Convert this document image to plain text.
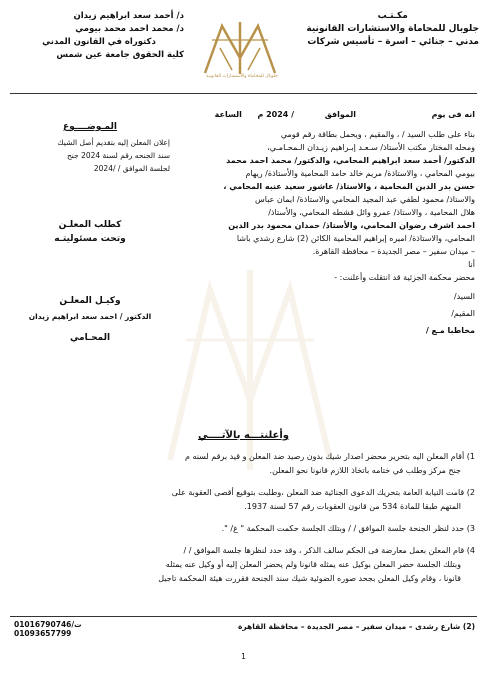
مكـتـب
جلوبال للمحاماة والاستشارات القانونية
مدني – جنائي – اسرة – تأسيس شركات
جلوبال للمحاماة والاستشارات القانونية
د/ أحمد سعد ابراهيم زيدان
د/ محمد احمد محمد بيومي
دكتوراه في القانون المدني
كلية الحقوق جامعة عين شمس
انه فى يوم  الموافق  / 2024 م  الساعة
بناء على طلب السيد / ، والمقيم ، ويحمل بطاقة رقم قومي
ومحله المختار مكتب الأستاذ/ سـعـد إبـراهيم زيـدان الـمحـامـي،
الدكتور/ أحمد سعد ابراهيم المحامي، والدكتور/ محمد احمد محمد
بيومي المحامي ، والاستاذة/ مريم خالد حامد المحامية والأستاذة/ ريهام
حسن بدر الدين المحامية ، والاستاذ/ عاشور سعيد عنبه المحامي ،
والاستاذ/ محمود لطفي عبد المجيد المحامي والاستاذة/ ايمان عباس
هلال المحامية ، والاستاذ/ عمرو وائل قشطه المحامي، والأستاذ/
احمد اشرف رضوان المحامي، والأستاذ/ حمدان محمود بدر الدين
المحامي، والاستاذة/ اميره إبراهيم المحامية الكائن (2) شارع رشدي باشا
– ميدان سفير – مصر الجديدة – محافظة القاهرة.
أنا
محضر محكمة الجزئية قد انتقلت وأعلنت: -
السيد/
المقيم/
مخاطبا مـع /
المـوضــــوع
إعلان المعلن إليه بتقديم أصل الشيك
سند الجنحه رقم لسنة 2024 جنح
لجلسة الموافق / /2024
كطلب المعلـن
وتحت مسئوليتـه
وكيـل المعلـن
الدكتور / احمد سعد ابراهيم زيدان
المحـامي
وأعلنتـــه بالآتــــي
1) أقام المعلن اليه بتحرير محضر اصدار شيك بدون رصيد ضد المعلن و قيد برقم لسنه م
جنح مركز وطلب في ختامه باتخاذ اللازم قانونا نحو المعلن.
2) قامت النيابة العامة بتحريك الدعوى الجنائية ضد المعلن ،وطلبت بتوقيع أقصى العقوبة على
المتهم طبقا للمادة 534 من قانون العقوبات رقم 57 لسنة 1937.
3) حدد لنظر الجنحة جلسة الموافق / / وبتلك الجلسة حكمت المحكمة " غ/ ".
4) قام المعلن بعمل معارضة فى الحكم سالف الذكر ، وقد حدد لنظرها جلسة الموافق / /
وبتلك الجلسة حضر المعلن بوكيل عنه يمثله قانونا ولم يحضر المعلن إليه أو وكيل عنه يمثله
قانونا ، وقام وكيل المعلن بجحد صوره الضوئية شيك سند الجنحة فقررت هيئة المحكمة تاجيل
(2) شارع رشدى – ميدان سفير – مصر الجديدة – محافظة القاهرة
ت/01016790746
01093657799
1
